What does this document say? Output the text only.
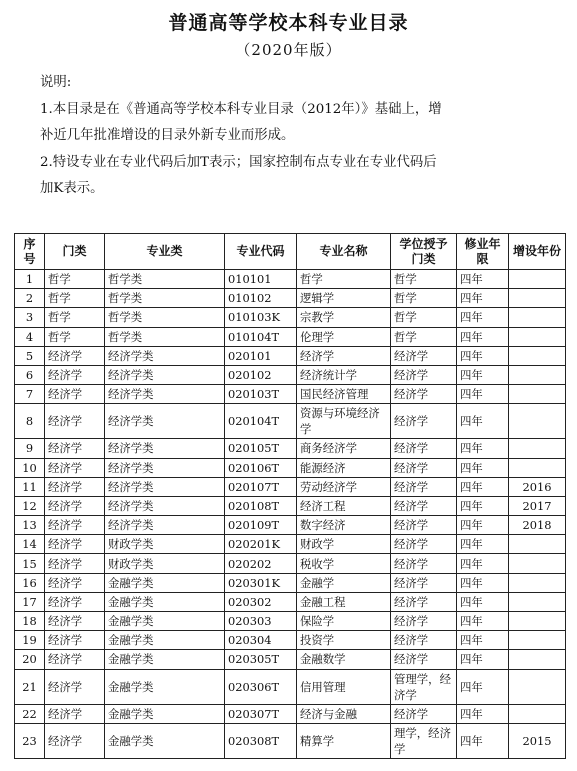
普通高等学校本科专业目录
（2020年版）

说明:

1.本目录是在《普通高等学校本科专业目录（2012年）》基础上，增

补近几年批准增设的目录外新专业而形成。

2.特设专业在专业代码后加T表示；国家控制布点专业在专业代码后

加K表示。

序号	门类	专业类	专业代码	专业名称	学位授予门类	修业年限	增设年份
1	哲学	哲学类	010101	哲学	哲学	四年	
2	哲学	哲学类	010102	逻辑学	哲学	四年	
3	哲学	哲学类	010103K	宗教学	哲学	四年	
4	哲学	哲学类	010104T	伦理学	哲学	四年	
5	经济学	经济学类	020101	经济学	经济学	四年	
6	经济学	经济学类	020102	经济统计学	经济学	四年	
7	经济学	经济学类	020103T	国民经济管理	经济学	四年	
8	经济学	经济学类	020104T	资源与环境经济学	经济学	四年	
9	经济学	经济学类	020105T	商务经济学	经济学	四年	
10	经济学	经济学类	020106T	能源经济	经济学	四年	
11	经济学	经济学类	020107T	劳动经济学	经济学	四年	2016
12	经济学	经济学类	020108T	经济工程	经济学	四年	2017
13	经济学	经济学类	020109T	数字经济	经济学	四年	2018
14	经济学	财政学类	020201K	财政学	经济学	四年	
15	经济学	财政学类	020202	税收学	经济学	四年	
16	经济学	金融学类	020301K	金融学	经济学	四年	
17	经济学	金融学类	020302	金融工程	经济学	四年	
18	经济学	金融学类	020303	保险学	经济学	四年	
19	经济学	金融学类	020304	投资学	经济学	四年	
20	经济学	金融学类	020305T	金融数学	经济学	四年	
21	经济学	金融学类	020306T	信用管理	管理学，经济学	四年	
22	经济学	金融学类	020307T	经济与金融	经济学	四年	
23	经济学	金融学类	020308T	精算学	理学，经济学	四年	2015
